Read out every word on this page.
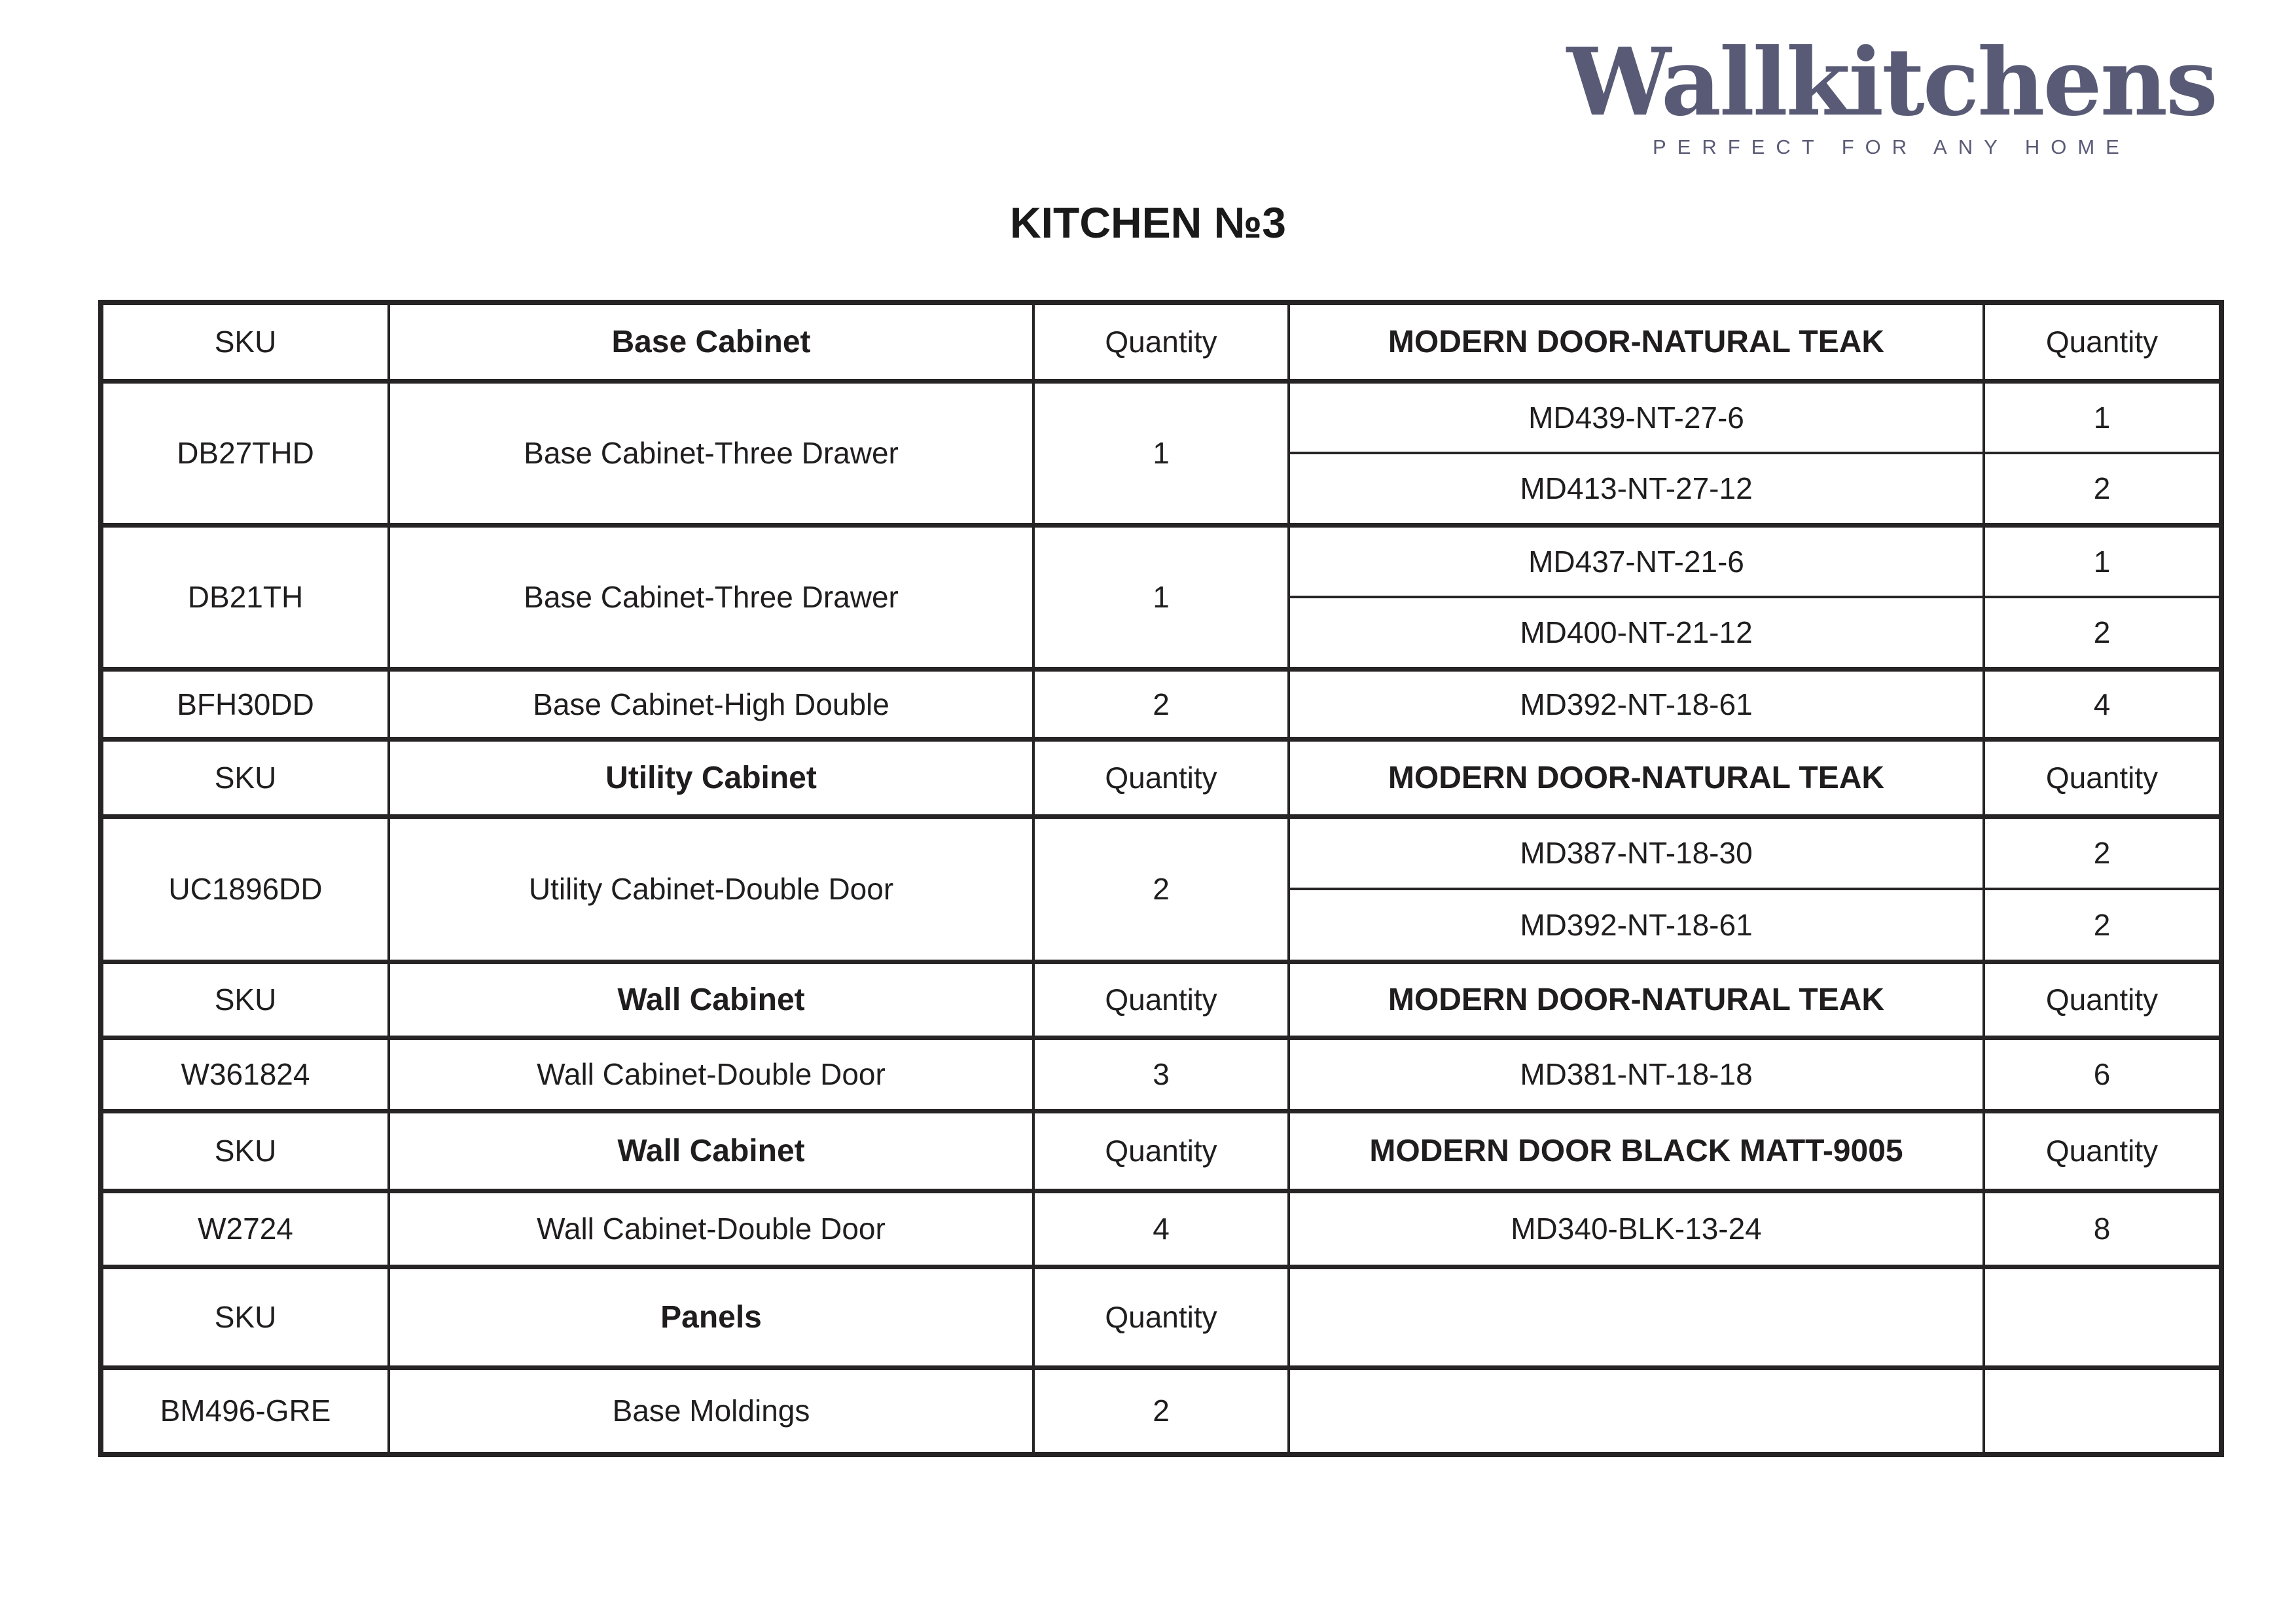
Wallkitchens
PERFECT FOR ANY HOME
KITCHEN №3
SKU	Base Cabinet	Quantity	MODERN DOOR-NATURAL TEAK	Quantity
DB27THD	Base Cabinet-Three Drawer	1	MD439-NT-27-6	1
			MD413-NT-27-12	2
DB21TH	Base Cabinet-Three Drawer	1	MD437-NT-21-6	1
			MD400-NT-21-12	2
BFH30DD	Base Cabinet-High Double	2	MD392-NT-18-61	4
SKU	Utility Cabinet	Quantity	MODERN DOOR-NATURAL TEAK	Quantity
UC1896DD	Utility Cabinet-Double Door	2	MD387-NT-18-30	2
			MD392-NT-18-61	2
SKU	Wall Cabinet	Quantity	MODERN DOOR-NATURAL TEAK	Quantity
W361824	Wall Cabinet-Double Door	3	MD381-NT-18-18	6
SKU	Wall Cabinet	Quantity	MODERN DOOR BLACK MATT-9005	Quantity
W2724	Wall Cabinet-Double Door	4	MD340-BLK-13-24	8
SKU	Panels	Quantity		
BM496-GRE	Base Moldings	2		
